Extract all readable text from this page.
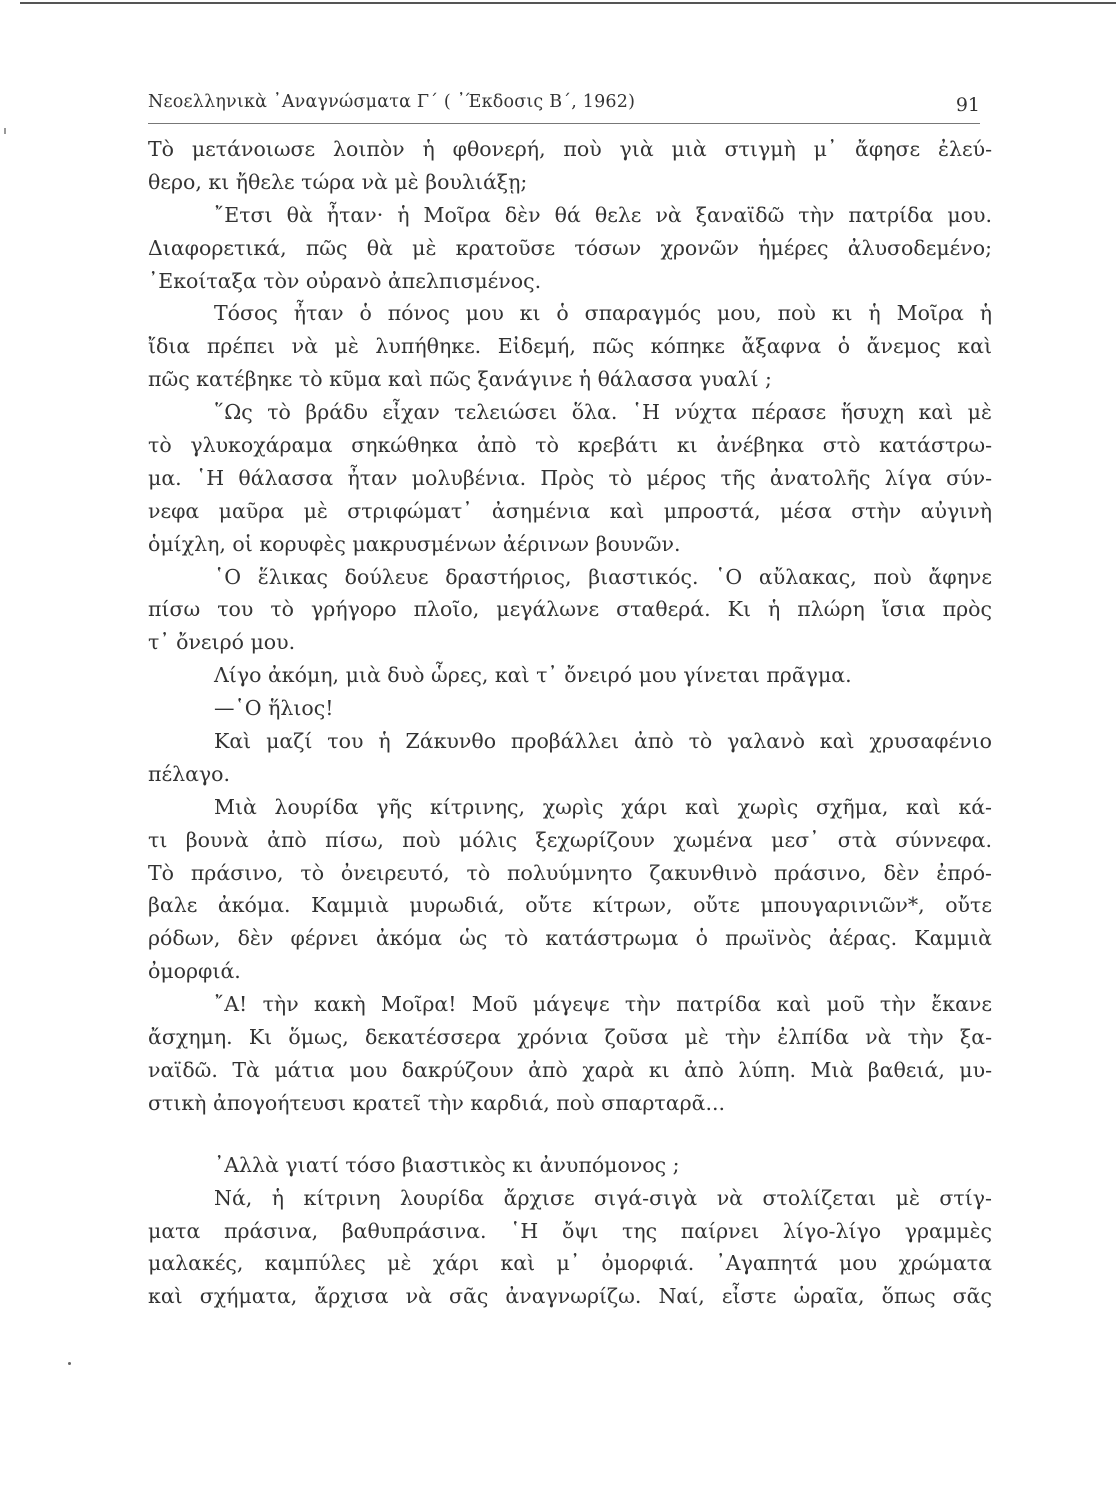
Νεοελληνικὰ ᾿Αναγνώσματα Γ´ ( ᾿Έκδοσις Β´, 1962)	91
Τὸ μετάνοιωσε λοιπὸν ἡ φθονερή, ποὺ γιὰ μιὰ στιγμὴ μ᾿ ἄφησε ἐλεύ-
θερο, κι ἤθελε τώρα νὰ μὲ βουλιάξῃ;
῎Ετσι θὰ ἦταν· ἡ Μοῖρα δὲν θά θελε νὰ ξαναϊδῶ τὴν πατρίδα μου.
Διαφορετικά, πῶς θὰ μὲ κρατοῦσε τόσων χρονῶν ἡμέρες ἀλυσοδεμένο;
᾿Εκοίταξα τὸν οὐρανὸ ἀπελπισμένος.
Τόσος ἦταν ὁ πόνος μου κι ὁ σπαραγμός μου, ποὺ κι ἡ Μοῖρα ἡ
ἴδια πρέπει νὰ μὲ λυπήθηκε. Εἰδεμή, πῶς κόπηκε ἄξαφνα ὁ ἄνεμος καὶ
πῶς κατέβηκε τὸ κῦμα καὶ πῶς ξανάγινε ἡ θάλασσα γυαλί ;
῞Ως τὸ βράδυ εἶχαν τελειώσει ὅλα. ῾Η νύχτα πέρασε ἥσυχη καὶ μὲ
τὸ γλυκοχάραμα σηκώθηκα ἀπὸ τὸ κρεβάτι κι ἀνέβηκα στὸ κατάστρω-
μα. ῾Η θάλασσα ἦταν μολυβένια. Πρὸς τὸ μέρος τῆς ἀνατολῆς λίγα σύν-
νεφα μαῦρα μὲ στριφώματ᾿ ἀσημένια καὶ μπροστά, μέσα στὴν αὐγινὴ
ὁμίχλη, οἱ κορυφὲς μακρυσμένων ἀέρινων βουνῶν.
῾Ο ἕλικας δούλευε δραστήριος, βιαστικός. ῾Ο αὔλακας, ποὺ ἄφηνε
πίσω του τὸ γρήγορο πλοῖο, μεγάλωνε σταθερά. Κι ἡ πλώρη ἴσια πρὸς
τ᾿ ὄνειρό μου.
Λίγο ἀκόμη, μιὰ δυὸ ὧρες, καὶ τ᾿ ὄνειρό μου γίνεται πρᾶγμα.
—῾Ο ἥλιος!
Καὶ μαζί του ἡ Ζάκυνθο προβάλλει ἀπὸ τὸ γαλανὸ καὶ χρυσαφένιο
πέλαγο.
Μιὰ λουρίδα γῆς κίτρινης, χωρὶς χάρι καὶ χωρὶς σχῆμα, καὶ κά-
τι βουνὰ ἀπὸ πίσω, ποὺ μόλις ξεχωρίζουν χωμένα μεσ᾿ στὰ σύννεφα.
Τὸ πράσινο, τὸ ὀνειρευτό, τὸ πολυύμνητο ζακυνθινὸ πράσινο, δὲν ἐπρό-
βαλε ἀκόμα. Καμμιὰ μυρωδιά, οὔτε κίτρων, οὔτε μπουγαρινιῶν*, οὔτε
ρόδων, δὲν φέρνει ἀκόμα ὡς τὸ κατάστρωμα ὁ πρωϊνὸς ἀέρας. Καμμιὰ
ὀμορφιά.
῎Α! τὴν κακὴ Μοῖρα! Μοῦ μάγεψε τὴν πατρίδα καὶ μοῦ τὴν ἔκανε
ἄσχημη. Κι ὅμως, δεκατέσσερα χρόνια ζοῦσα μὲ τὴν ἐλπίδα νὰ τὴν ξα-
ναϊδῶ. Τὰ μάτια μου δακρύζουν ἀπὸ χαρὰ κι ἀπὸ λύπη. Μιὰ βαθειά, μυ-
στικὴ ἀπογοήτευσι κρατεῖ τὴν καρδιά, ποὺ σπαρταρᾶ...
᾿Αλλὰ γιατί τόσο βιαστικὸς κι ἀνυπόμονος ;
Νά, ἡ κίτρινη λουρίδα ἄρχισε σιγά-σιγὰ νὰ στολίζεται μὲ στίγ-
ματα πράσινα, βαθυπράσινα. ῾Η ὄψι της παίρνει λίγο-λίγο γραμμὲς
μαλακές, καμπύλες μὲ χάρι καὶ μ᾿ ὀμορφιά. ᾿Αγαπητά μου χρώματα
καὶ σχήματα, ἄρχισα νὰ σᾶς ἀναγνωρίζω. Ναί, εἶστε ὡραῖα, ὅπως σᾶς
